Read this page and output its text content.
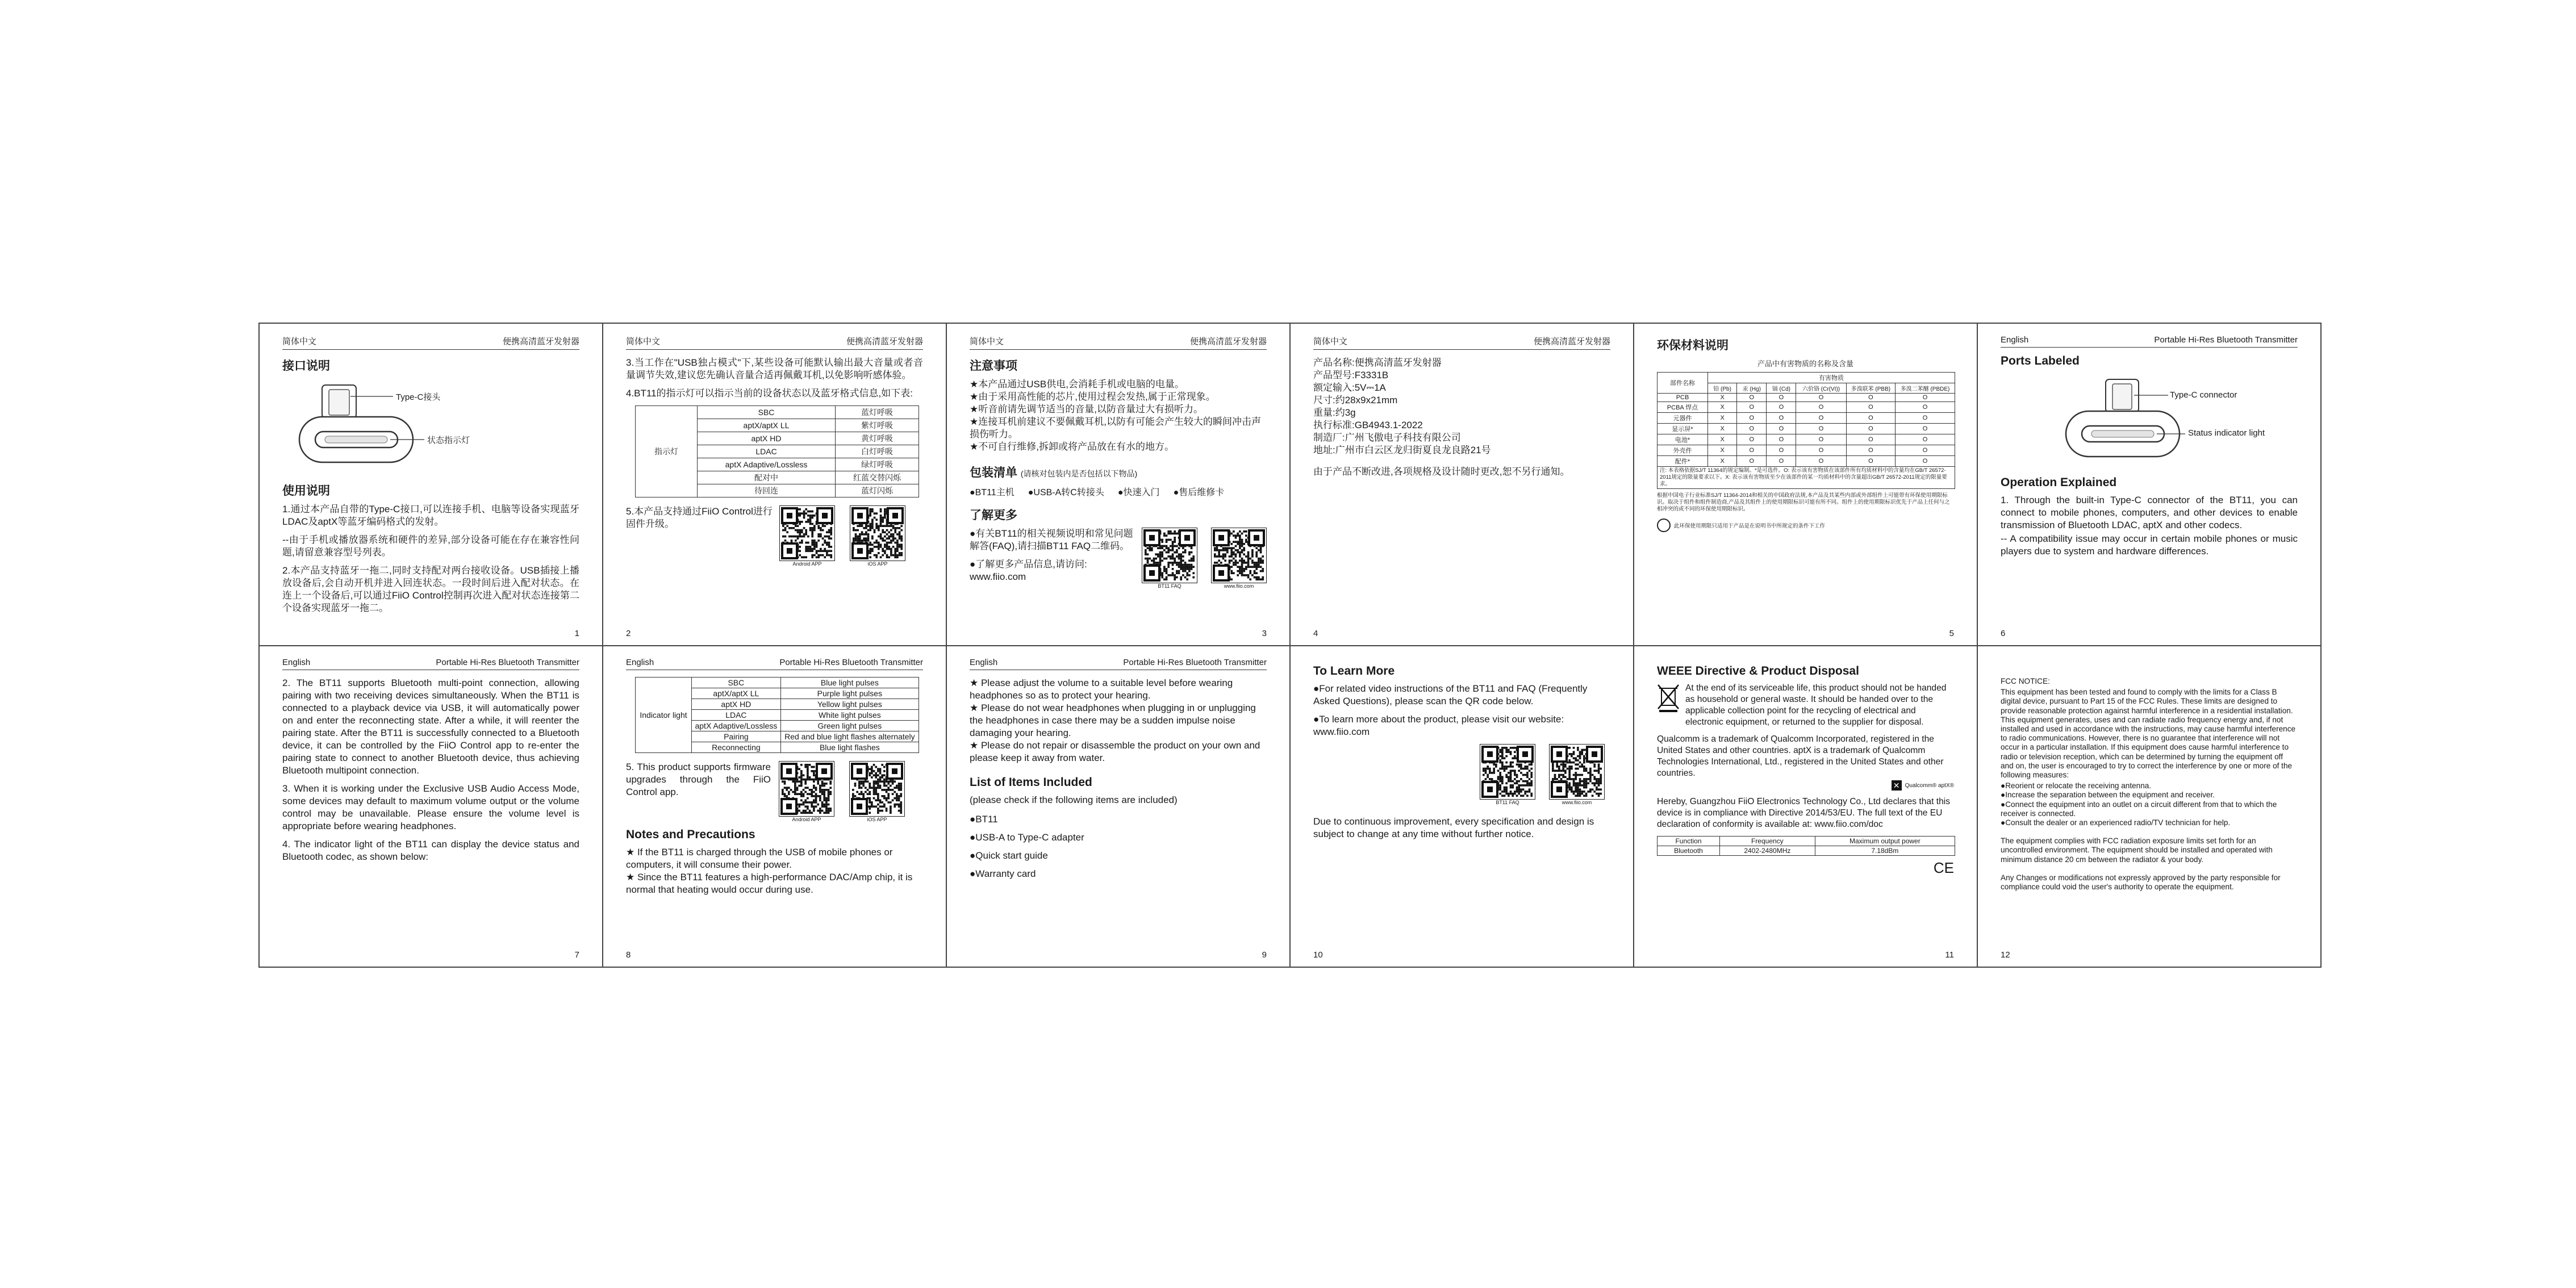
简体中文	便携高清蓝牙发射器
接口说明
Type-C接头
状态指示灯
使用说明

1.通过本产品自带的Type-C接口,可以连接手机、电脑等设备实现蓝牙LDAC及aptX等蓝牙编码格式的发射。

--由于手机或播放器系统和硬件的差异,部分设备可能在存在兼容性问题,请留意兼容型号列表。

2.本产品支持蓝牙一拖二,同时支持配对两台接收设备。USB插接上播放设备后,会自动开机并进入回连状态。一段时间后进入配对状态。在连上一个设备后,可以通过FiiO Control控制再次进入配对状态连接第二个设备实现蓝牙一拖二。

1
简体中文	便携高清蓝牙发射器

3.当工作在"USB独占模式"下,某些设备可能默认输出最大音量或者音量调节失效,建议您先确认音量合适再佩戴耳机,以免影响听感体验。

4.BT11的指示灯可以指示当前的设备状态以及蓝牙格式信息,如下表:

指示灯	SBC	蓝灯呼吸
	aptX/aptX LL	紫灯呼吸
	aptX HD	黄灯呼吸
	LDAC	白灯呼吸
	aptX Adaptive/Lossless	绿灯呼吸
	配对中	红蓝交替闪烁
	待回连	蓝灯闪烁

5.本产品支持通过FiiO Control进行固件升级。

Android APP	iOS APP
2
简体中文	便携高清蓝牙发射器
注意事项

★本产品通过USB供电,会消耗手机或电脑的电量。

★由于采用高性能的芯片,使用过程会发热,属于正常现象。

★听音前请先调节适当的音量,以防音量过大有损听力。

★连接耳机前建议不要佩戴耳机,以防有可能会产生较大的瞬间冲击声损伤听力。

★不可自行维修,拆卸或将产品放在有水的地方。

包装清单 (请核对包装内是否包括以下物品)
●BT11主机 ●USB-A转C转接头 ●快速入门 ●售后维修卡
了解更多

●有关BT11的相关视频说明和常见问题解答(FAQ),请扫描BT11 FAQ二维码。

●了解更多产品信息,请访问:

www.fiio.com

BT11 FAQ	www.fiio.com
3
简体中文	便携高清蓝牙发射器

产品名称:便携高清蓝牙发射器

产品型号:F3331B

额定输入:5V⎓1A

尺寸:约28x9x21mm

重量:约3g

执行标准:GB4943.1-2022

制造厂:广州飞傲电子科技有限公司

地址:广州市白云区龙归街夏良龙良路21号

由于产品不断改进,各项规格及设计随时更改,恕不另行通知。

4
环保材料说明
产品中有害物质的名称及含量
部件名称	有害物质					
	铅 (Pb)	汞 (Hg)	镉 (Cd)	六价铬 (Cr(VI))	多溴联苯 (PBB)	多溴二苯醚 (PBDE)
PCB	X	O	O	O	O	O
PCBA 焊点	X	O	O	O	O	O
元器件	X	O	O	O	O	O
显示屏*	X	O	O	O	O	O
电池*	X	O	O	O	O	O
外壳件	X	O	O	O	O	O
配件*	X	O	O	O	O	O
注: 本表格依据SJ/T 11364的规定编制。*是可选件。O: 表示该有害物质在该部件所有均质材料中的含量均在GB/T 26572-2011规定的限量要求以下。X: 表示该有害物质至少在该部件的某一均质材料中的含量超出GB/T 26572-2011规定的限量要求。						

根据中国电子行业标准SJ/T 11364-2014和相关的中国政府法规,本产品及其某些内部或外部组件上可能带有环保使用期限标识。取决于组件和组件制造商,产品及其组件上的使用期限标识可能有所不同。组件上的使用期限标识优先于产品上任何与之相冲突的或不同的环保使用期限标识。

此环保使用期限只适用于产品是在说明书中所规定的条件下工作
5
English	Portable Hi-Res Bluetooth Transmitter
Ports Labeled
Type-C connector
Status indicator light
Operation Explained

1. Through the built-in Type-C connector of the BT11, you can connect to mobile phones, computers, and other devices to enable transmission of Bluetooth LDAC, aptX and other codecs.

-- A compatibility issue may occur in certain mobile phones or music players due to system and hardware differences.

6
English	Portable Hi-Res Bluetooth Transmitter

2. The BT11 supports Bluetooth multi-point connection, allowing pairing with two receiving devices simultaneously. When the BT11 is connected to a playback device via USB, it will automatically power on and enter the reconnecting state. After a while, it will reenter the pairing state. After the BT11 is successfully connected to a Bluetooth device, it can be controlled by the FiiO Control app to re-enter the pairing state to connect to another Bluetooth device, thus achieving Bluetooth multipoint connection.

3. When it is working under the Exclusive USB Audio Access Mode, some devices may default to maximum volume output or the volume control may be unavailable. Please ensure the volume level is appropriate before wearing headphones.

4. The indicator light of the BT11 can display the device status and Bluetooth codec, as shown below:

7
English	Portable Hi-Res Bluetooth Transmitter
Indicator light	SBC	Blue light pulses
	aptX/aptX LL	Purple light pulses
	aptX HD	Yellow light pulses
	LDAC	White light pulses
	aptX Adaptive/Lossless	Green light pulses
	Pairing	Red and blue light flashes alternately
	Reconnecting	Blue light flashes

5. This product supports firmware upgrades through the FiiO Control app.

Android APP	iOS APP
Notes and Precautions

★ If the BT11 is charged through the USB of mobile phones or computers, it will consume their power.

★ Since the BT11 features a high-performance DAC/Amp chip, it is normal that heating would occur during use.

8
English	Portable Hi-Res Bluetooth Transmitter

★ Please adjust the volume to a suitable level before wearing headphones so as to protect your hearing.

★ Please do not wear headphones when plugging in or unplugging the headphones in case there may be a sudden impulse noise damaging your hearing.

★ Please do not repair or disassemble the product on your own and please keep it away from water.

List of Items Included

(please check if the following items are included)

●BT11

●USB-A to Type-C adapter

●Quick start guide

●Warranty card

9
To Learn More

●For related video instructions of the BT11 and FAQ (Frequently Asked Questions), please scan the QR code below.

●To learn more about the product, please visit our website:

www.fiio.com

BT11 FAQ	www.fiio.com

Due to continuous improvement, every specification and design is subject to change at any time without further notice.

10
WEEE Directive & Product Disposal

At the end of its serviceable life, this product should not be handed as household or general waste. It should be handed over to the applicable collection point for the recycling of electrical and electronic equipment, or returned to the supplier for disposal.

Qualcomm is a trademark of Qualcomm Incorporated, registered in the United States and other countries. aptX is a trademark of Qualcomm Technologies International, Ltd., registered in the United States and other countries.

✕ Qualcomm® aptX®

Hereby, Guangzhou FiiO Electronics Technology Co., Ltd declares that this device is in compliance with Directive 2014/53/EU. The full text of the EU declaration of conformity is available at: www.fiio.com/doc

Function	Frequency	Maximum output power
Bluetooth	2402-2480MHz	7.18dBm
CE
11

FCC NOTICE:

This equipment has been tested and found to comply with the limits for a Class B digital device, pursuant to Part 15 of the FCC Rules. These limits are designed to provide reasonable protection against harmful interference in a residential installation. This equipment generates, uses and can radiate radio frequency energy and, if not installed and used in accordance with the instructions, may cause harmful interference to radio communications. However, there is no guarantee that interference will not occur in a particular installation. If this equipment does cause harmful interference to radio or television reception, which can be determined by turning the equipment off and on, the user is encouraged to try to correct the interference by one or more of the following measures:

●Reorient or relocate the receiving antenna.

●Increase the separation between the equipment and receiver.

●Connect the equipment into an outlet on a circuit different from that to which the receiver is connected.

●Consult the dealer or an experienced radio/TV technician for help.

The equipment complies with FCC radiation exposure limits set forth for an uncontrolled environment. The equipment should be installed and operated with minimum distance 20 cm between the radiator & your body.

Any Changes or modifications not expressly approved by the party responsible for compliance could void the user's authority to operate the equipment.

12
